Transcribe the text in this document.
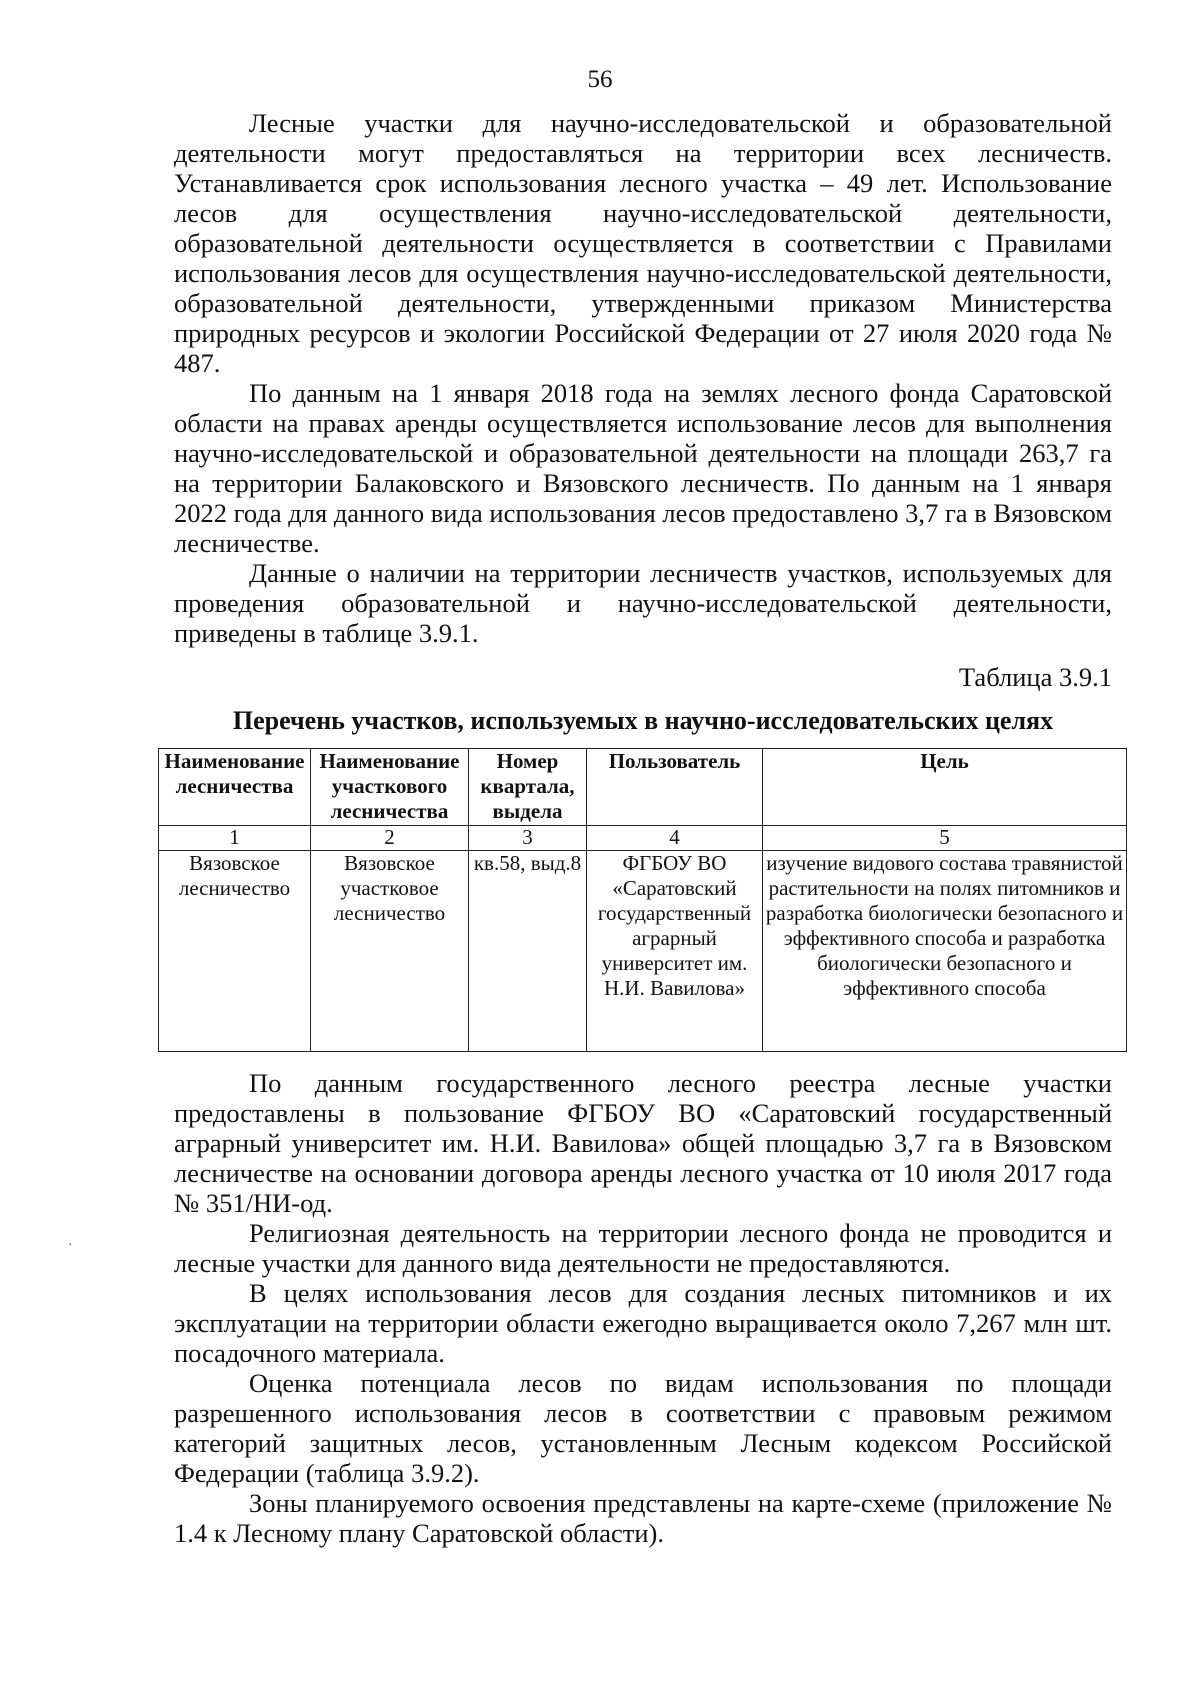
56

Лесные участки для научно-исследовательской и образовательной деятельности могут предоставляться на территории всех лесничеств. Устанавливается срок использования лесного участка – 49 лет. Использование лесов для осуществления научно-исследовательской деятельности, образовательной деятельности осуществляется в соответствии с Правилами использования лесов для осуществления научно-исследовательской деятельности, образовательной деятельности, утвержденными приказом Министерства природных ресурсов и экологии Российской Федерации от 27 июля 2020 года № 487.

По данным на 1 января 2018 года на землях лесного фонда Саратовской области на правах аренды осуществляется использование лесов для выполнения научно-исследовательской и образовательной деятельности на площади 263,7 га на территории Балаковского и Вязовского лесничеств. По данным на 1 января 2022 года для данного вида использования лесов предоставлено 3,7 га в Вязовском лесничестве.

Данные о наличии на территории лесничеств участков, используемых для проведения образовательной и научно-исследовательской деятельности, приведены в таблице 3.9.1.

Таблица 3.9.1
Перечень участков, используемых в научно-исследовательских целях
Наименование лесничества	Наименование участкового лесничества	Номер квартала, выдела	Пользователь	Цель
1	2	3	4	5
Вязовское лесничество	Вязовское участковое лесничество	кв.58, выд.8	ФГБОУ ВО «Саратовский государственный аграрный университет им. Н.И. Вавилова»	изучение видового состава травянистой растительности на полях питомников и разработка биологически безопасного и эффективного способа и разработка биологически безопасного и эффективного способа

По данным государственного лесного реестра лесные участки предоставлены в пользование ФГБОУ ВО «Саратовский государственный аграрный университет им. Н.И. Вавилова» общей площадью 3,7 га в Вязовском лесничестве на основании договора аренды лесного участка от 10 июля 2017 года № 351/НИ-од.

Религиозная деятельность на территории лесного фонда не проводится и лесные участки для данного вида деятельности не предоставляются.

В целях использования лесов для создания лесных питомников и их эксплуатации на территории области ежегодно выращивается около 7,267 млн шт. посадочного материала.

Оценка потенциала лесов по видам использования по площади разрешенного использования лесов в соответствии с правовым режимом категорий защитных лесов, установленным Лесным кодексом Российской Федерации (таблица 3.9.2).

Зоны планируемого освоения представлены на карте-схеме (приложение № 1.4 к Лесному плану Саратовской области).

·
